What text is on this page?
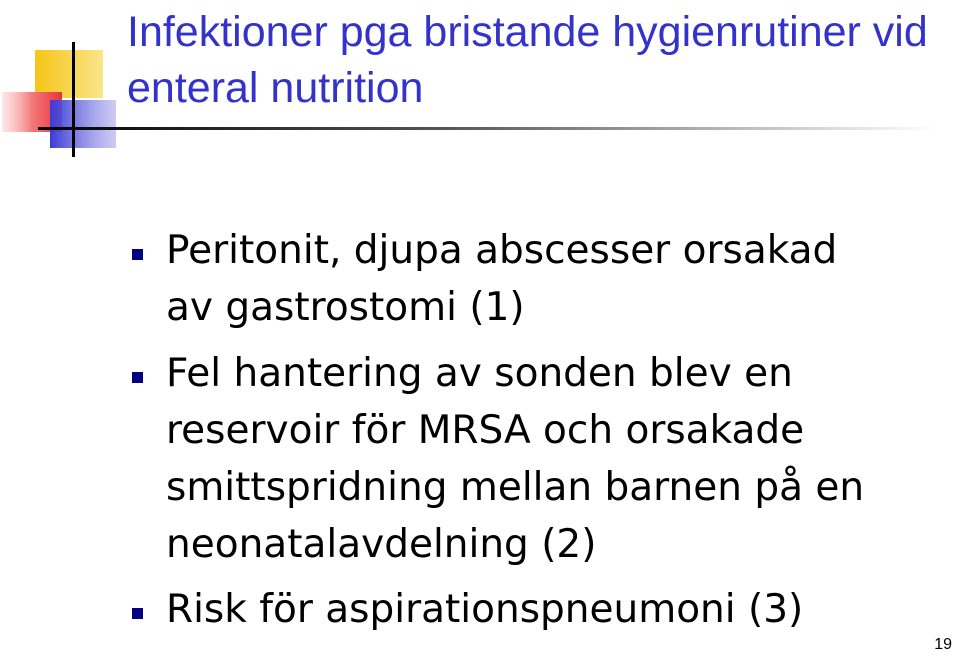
Infektioner pga bristande hygienrutiner vid enteral nutrition
Peritonit, djupa abscesser orsakad av gastrostomi (1)
Fel hantering av sonden blev en reservoir för MRSA och orsakade smittspridning mellan barnen på en neonatalavdelning (2)
Risk för aspirationspneumoni (3)
19
